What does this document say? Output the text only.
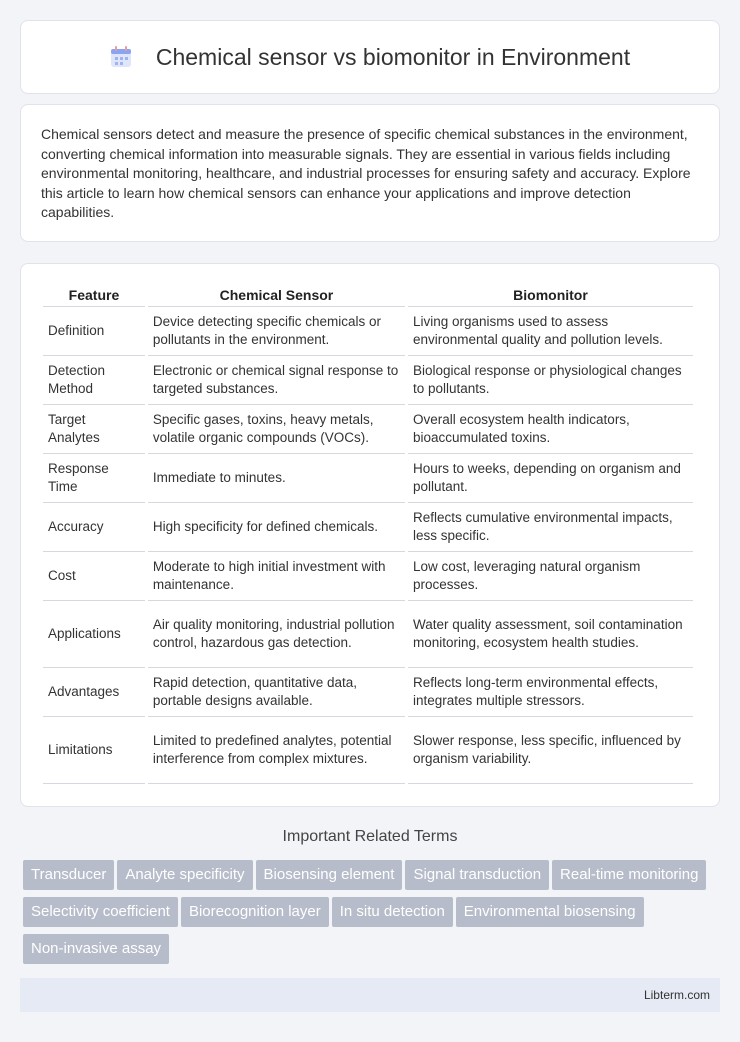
Chemical sensor vs biomonitor in Environment

Chemical sensors detect and measure the presence of specific chemical substances in the environment, converting chemical information into measurable signals. They are essential in various fields including environmental monitoring, healthcare, and industrial processes for ensuring safety and accuracy. Explore this article to learn how chemical sensors can enhance your applications and improve detection capabilities.

Feature	Chemical Sensor	Biomonitor
Definition	Device detecting specific chemicals or pollutants in the environment.	Living organisms used to assess environmental quality and pollution levels.
Detection Method	Electronic or chemical signal response to targeted substances.	Biological response or physiological changes to pollutants.
Target Analytes	Specific gases, toxins, heavy metals, volatile organic compounds (VOCs).	Overall ecosystem health indicators, bioaccumulated toxins.
Response Time	Immediate to minutes.	Hours to weeks, depending on organism and pollutant.
Accuracy	High specificity for defined chemicals.	Reflects cumulative environmental impacts, less specific.
Cost	Moderate to high initial investment with maintenance.	Low cost, leveraging natural organism processes.
Applications	Air quality monitoring, industrial pollution control, hazardous gas detection.	Water quality assessment, soil contamination monitoring, ecosystem health studies.
Advantages	Rapid detection, quantitative data, portable designs available.	Reflects long-term environmental effects, integrates multiple stressors.
Limitations	Limited to predefined analytes, potential interference from complex mixtures.	Slower response, less specific, influenced by organism variability.
Important Related Terms
Transducer Analyte specificity Biosensing element Signal transduction Real-time monitoringSelectivity coefficient Biorecognition layer In situ detection Environmental biosensingNon-invasive assay
Libterm.com
